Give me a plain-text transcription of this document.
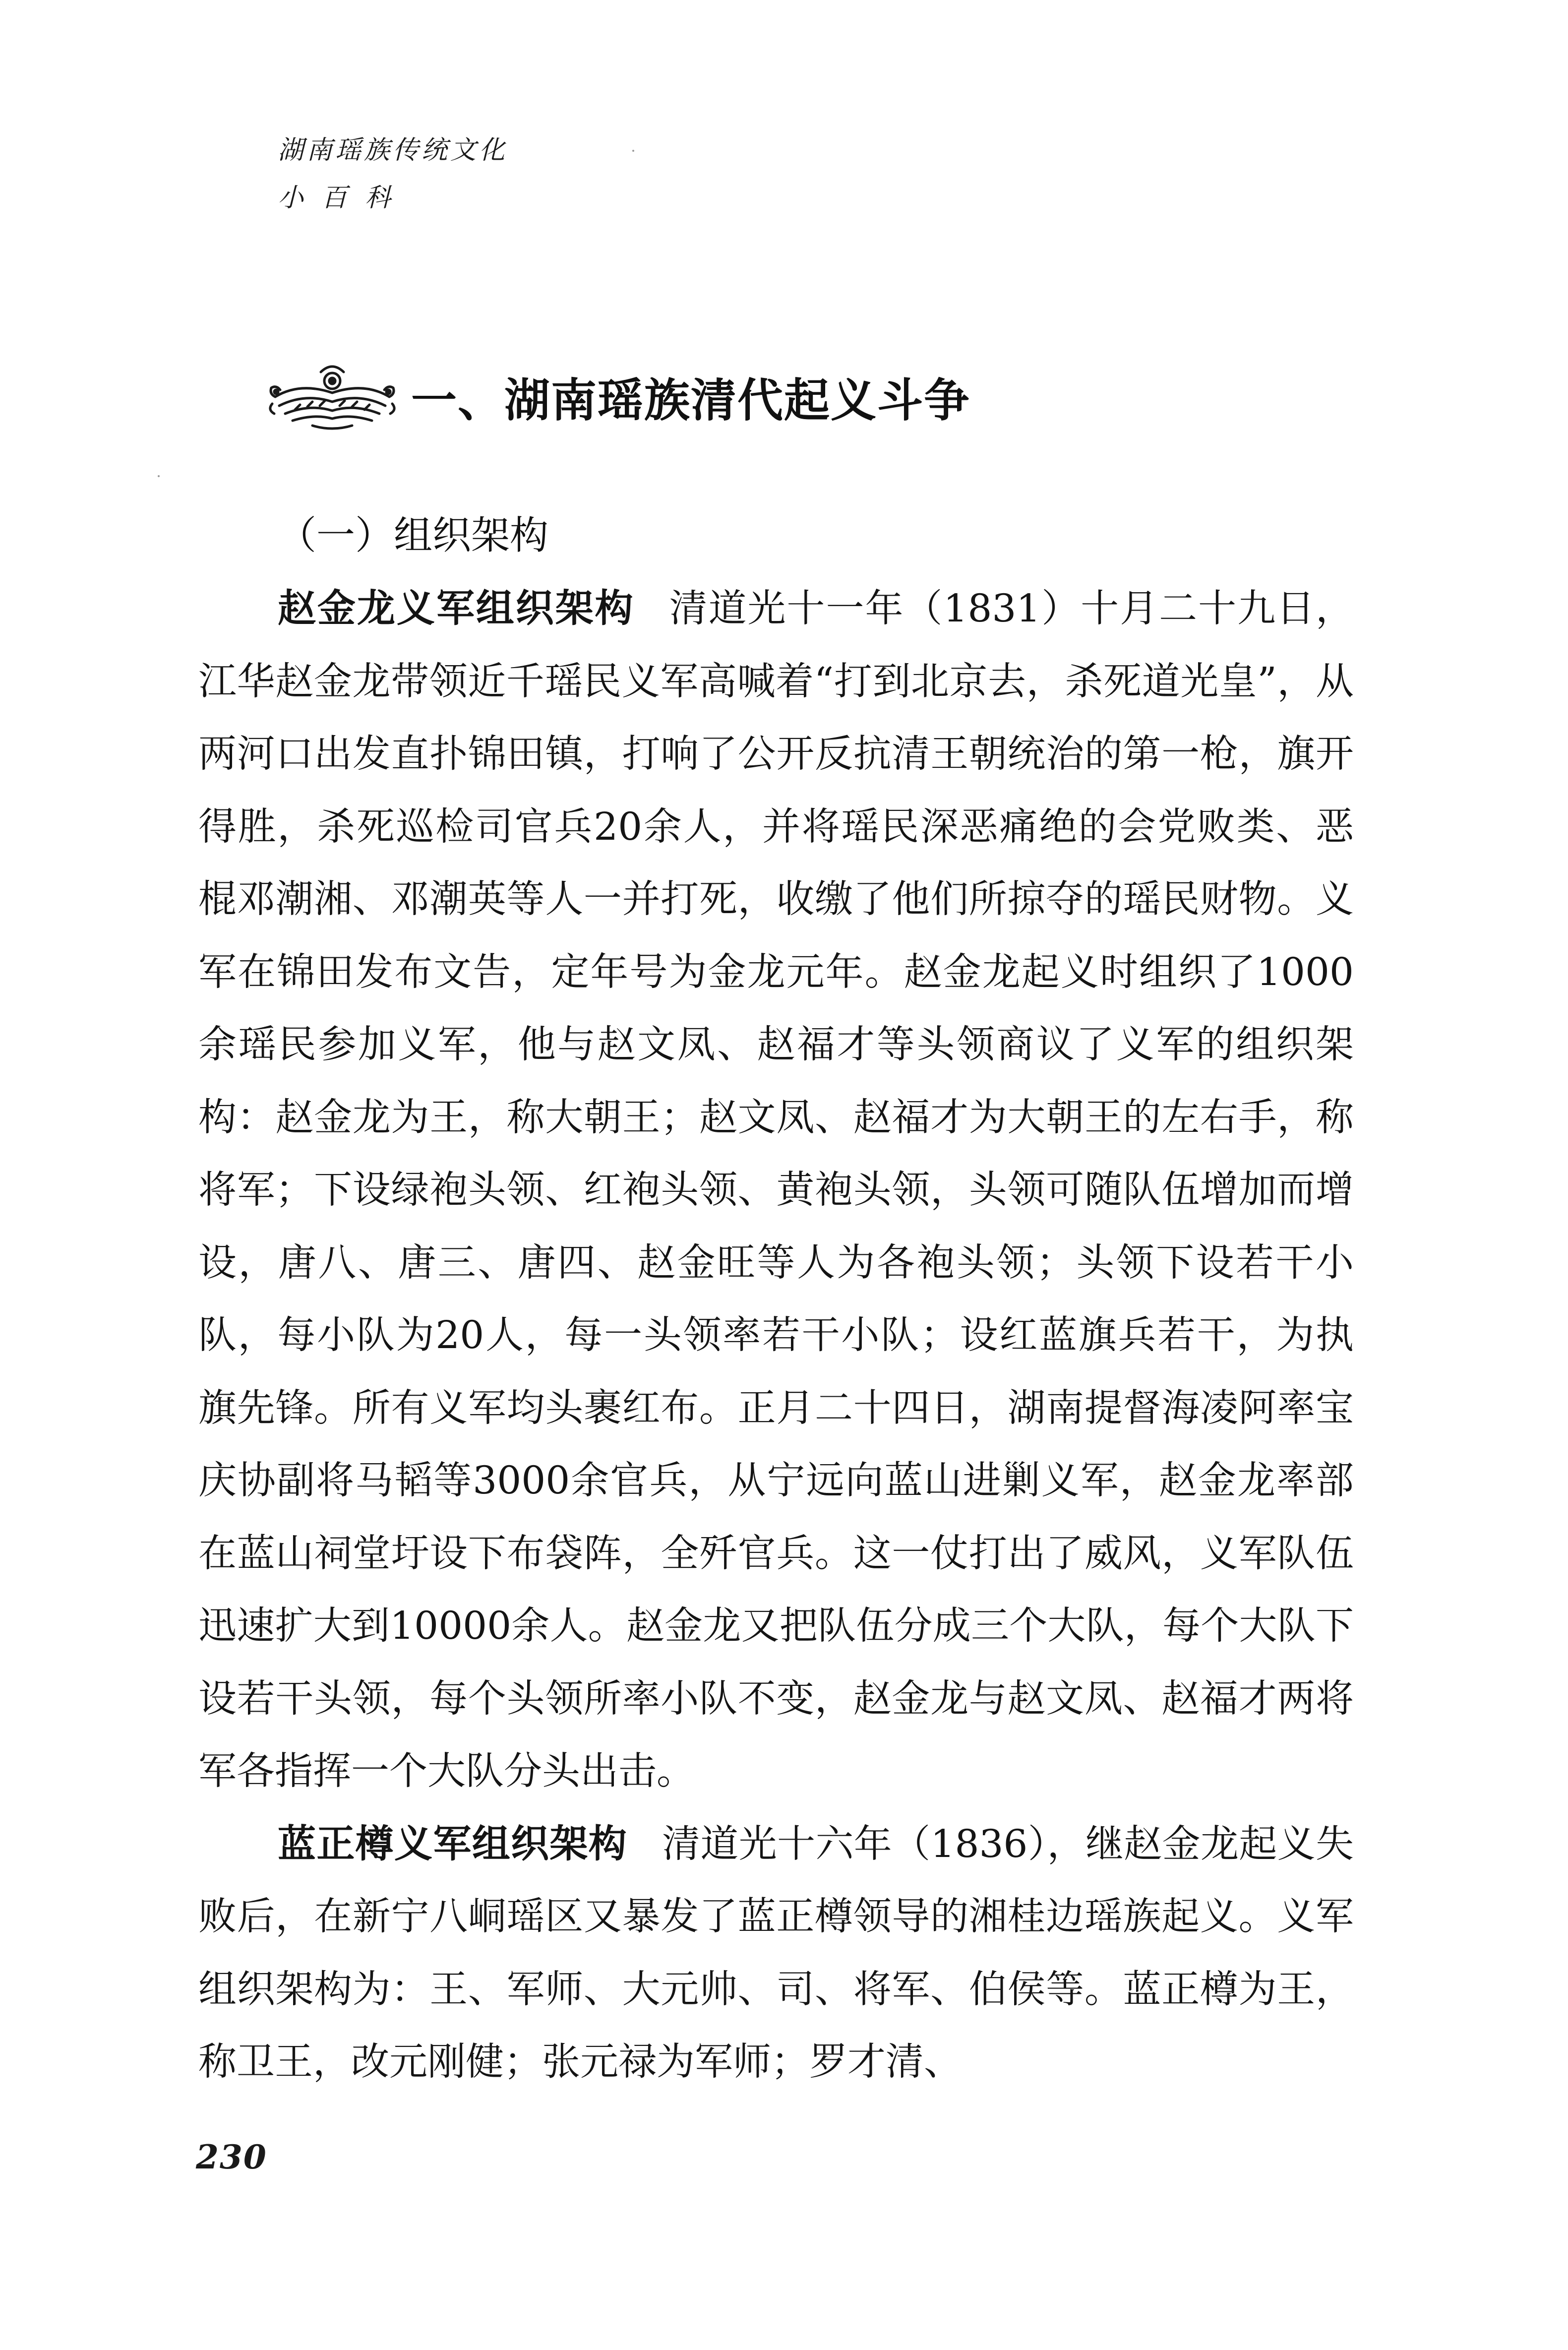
湖南瑶族传统文化
小百科
一、湖南瑶族清代起义斗争
（一）组织架构

赵金龙义军组织架构 清道光十一年（1831）十月二十九日，江华赵金龙带领近千瑶民义军高喊着“打到北京去，杀死道光皇”，从两河口出发直扑锦田镇，打响了公开反抗清王朝统治的第一枪，旗开得胜，杀死巡检司官兵20余人，并将瑶民深恶痛绝的会党败类、恶棍邓潮湘、邓潮英等人一并打死，收缴了他们所掠夺的瑶民财物。义军在锦田发布文告，定年号为金龙元年。赵金龙起义时组织了1000余瑶民参加义军，他与赵文凤、赵福才等头领商议了义军的组织架构：赵金龙为王，称大朝王；赵文凤、赵福才为大朝王的左右手，称将军；下设绿袍头领、红袍头领、黄袍头领，头领可随队伍增加而增设，唐八、唐三、唐四、赵金旺等人为各袍头领；头领下设若干小队，每小队为20人，每一头领率若干小队；设红蓝旗兵若干，为执旗先锋。所有义军均头裹红布。正月二十四日，湖南提督海凌阿率宝庆协副将马韬等3000余官兵，从宁远向蓝山进剿义军，赵金龙率部在蓝山祠堂圩设下布袋阵，全歼官兵。这一仗打出了威风，义军队伍迅速扩大到10000余人。赵金龙又把队伍分成三个大队，每个大队下设若干头领，每个头领所率小队不变，赵金龙与赵文凤、赵福才两将军各指挥一个大队分头出击。

蓝正樽义军组织架构 清道光十六年（1836），继赵金龙起义失败后，在新宁八峒瑶区又暴发了蓝正樽领导的湘桂边瑶族起义。义军组织架构为：王、军师、大元帅、司、将军、伯侯等。蓝正樽为王，称卫王，改元刚健；张元禄为军师；罗才清、

230
